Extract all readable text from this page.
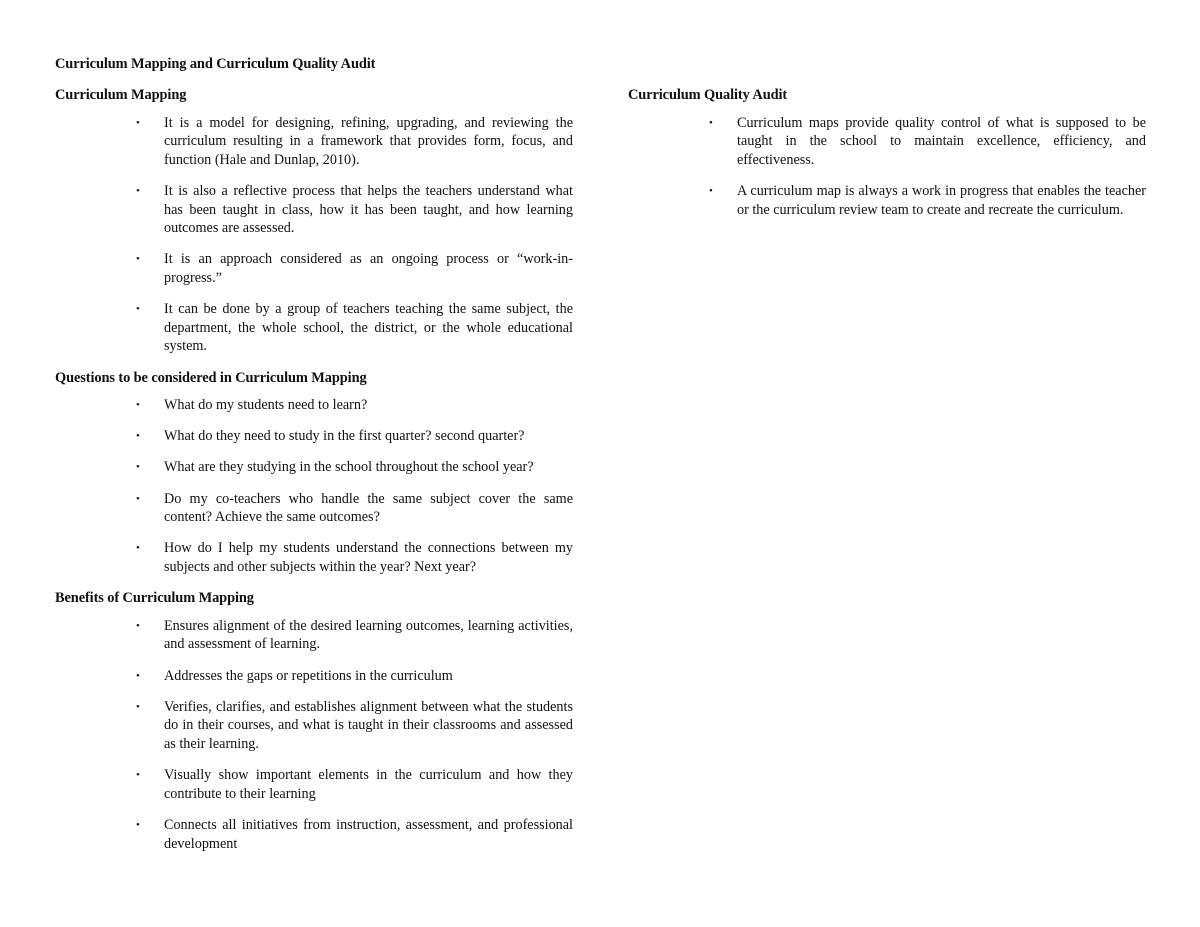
Curriculum Mapping and Curriculum Quality Audit
Curriculum Mapping
• It is a model for designing, refining, upgrading, and reviewing the curriculum resulting in a framework that provides form, focus, and function (Hale and Dunlap, 2010).
• It is also a reflective process that helps the teachers understand what has been taught in class, how it has been taught, and how learning outcomes are assessed.
• It is an approach considered as an ongoing process or “work-in-progress.”
• It can be done by a group of teachers teaching the same subject, the department, the whole school, the district, or the whole educational system.
Questions to be considered in Curriculum Mapping
• What do my students need to learn?
• What do they need to study in the first quarter? second quarter?
• What are they studying in the school throughout the school year?
• Do my co-teachers who handle the same subject cover the same content? Achieve the same outcomes?
• How do I help my students understand the connections between my subjects and other subjects within the year? Next year?
Benefits of Curriculum Mapping
• Ensures alignment of the desired learning outcomes, learning activities, and assessment of learning.
• Addresses the gaps or repetitions in the curriculum
• Verifies, clarifies, and establishes alignment between what the students do in their courses, and what is taught in their classrooms and assessed as their learning.
• Visually show important elements in the curriculum and how they contribute to their learning
• Connects all initiatives from instruction, assessment, and professional development
Curriculum Quality Audit
• Curriculum maps provide quality control of what is supposed to be taught in the school to maintain excellence, efficiency, and effectiveness.
• A curriculum map is always a work in progress that enables the teacher or the curriculum review team to create and recreate the curriculum.
